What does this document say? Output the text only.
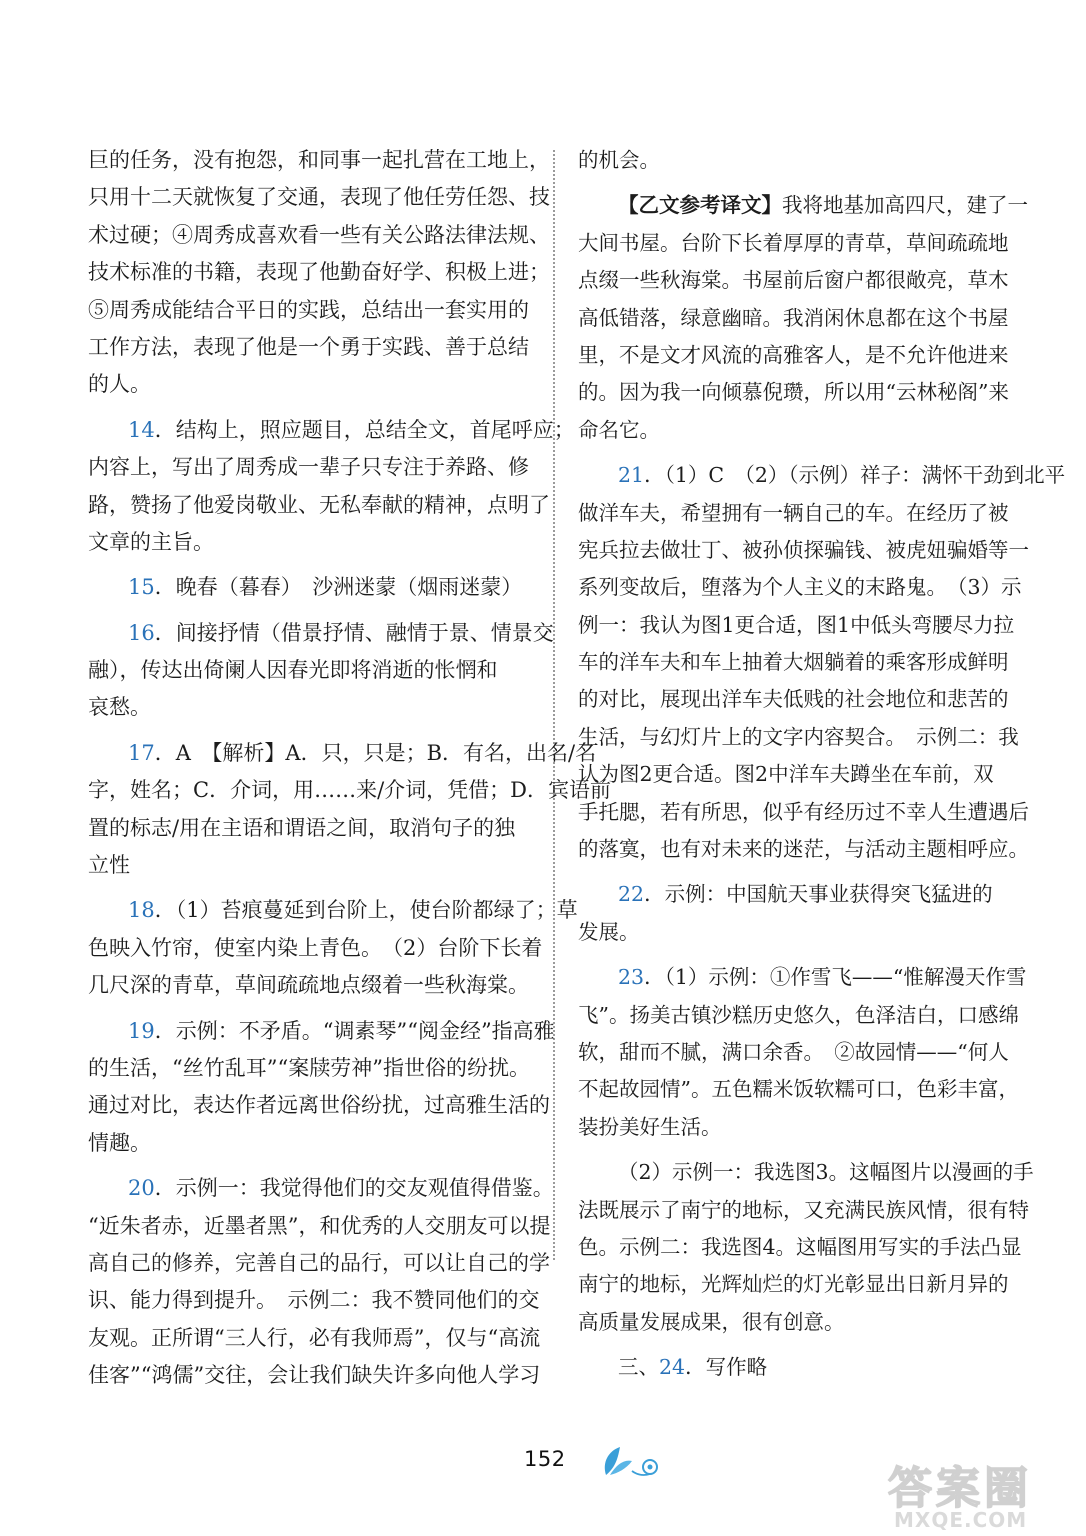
巨的任务，没有抱怨，和同事一起扎营在工地上，
只用十二天就恢复了交通，表现了他任劳任怨、技
术过硬；④周秀成喜欢看一些有关公路法律法规、
技术标准的书籍，表现了他勤奋好学、积极上进；
⑤周秀成能结合平日的实践，总结出一套实用的
工作方法，表现了他是一个勇于实践、善于总结
的人。
14．结构上，照应题目，总结全文，首尾呼应；
内容上，写出了周秀成一辈子只专注于养路、修
路，赞扬了他爱岗敬业、无私奉献的精神，点明了
文章的主旨。
15．晚春（暮春）　沙洲迷蒙（烟雨迷蒙）
16．间接抒情（借景抒情、融情于景、情景交
融），传达出倚阑人因春光即将消逝的怅惘和
哀愁。
17．A　【解析】A．只，只是；B．有名，出名/名
字，姓名；C．介词，用……来/介词，凭借；D．宾语前
置的标志/用在主语和谓语之间，取消句子的独
立性
18．（1）苔痕蔓延到台阶上，使台阶都绿了；草
色映入竹帘，使室内染上青色。　（2）台阶下长着
几尺深的青草，草间疏疏地点缀着一些秋海棠。
19．示例：不矛盾。“调素琴”“阅金经”指高雅
的生活，“丝竹乱耳”“案牍劳神”指世俗的纷扰。
通过对比，表达作者远离世俗纷扰，过高雅生活的
情趣。
20．示例一：我觉得他们的交友观值得借鉴。
“近朱者赤，近墨者黑”，和优秀的人交朋友可以提
高自己的修养，完善自己的品行，可以让自己的学
识、能力得到提升。　示例二：我不赞同他们的交
友观。正所谓“三人行，必有我师焉”，仅与“高流
佳客”“鸿儒”交往，会让我们缺失许多向他人学习
的机会。
【乙文参考译文】我将地基加高四尺，建了一
大间书屋。台阶下长着厚厚的青草，草间疏疏地
点缀一些秋海棠。书屋前后窗户都很敞亮，草木
高低错落，绿意幽暗。我消闲休息都在这个书屋
里，不是文才风流的高雅客人，是不允许他进来
的。因为我一向倾慕倪瓒，所以用“云林秘阁”来
命名它。
21．（1）C　（2）（示例）祥子：满怀干劲到北平
做洋车夫，希望拥有一辆自己的车。在经历了被
宪兵拉去做壮丁、被孙侦探骗钱、被虎妞骗婚等一
系列变故后，堕落为个人主义的末路鬼。　（3）示
例一：我认为图1更合适，图1中低头弯腰尽力拉
车的洋车夫和车上抽着大烟躺着的乘客形成鲜明
的对比，展现出洋车夫低贱的社会地位和悲苦的
生活，与幻灯片上的文字内容契合。　示例二：我
认为图2更合适。图2中洋车夫蹲坐在车前，双
手托腮，若有所思，似乎有经历过不幸人生遭遇后
的落寞，也有对未来的迷茫，与活动主题相呼应。
22．示例：中国航天事业获得突飞猛进的
发展。
23．（1）示例：①作雪飞——“惟解漫天作雪
飞”。扬美古镇沙糕历史悠久，色泽洁白，口感绵
软，甜而不腻，满口余香。　②故园情——“何人
不起故园情”。五色糯米饭软糯可口，色彩丰富，
装扮美好生活。
（2）示例一：我选图3。这幅图片以漫画的手
法既展示了南宁的地标，又充满民族风情，很有特
色。示例二：我选图4。这幅图用写实的手法凸显
南宁的地标，光辉灿烂的灯光彰显出日新月异的
高质量发展成果，很有创意。
三、24．写作略
152
答案圈
MXQE.COM
